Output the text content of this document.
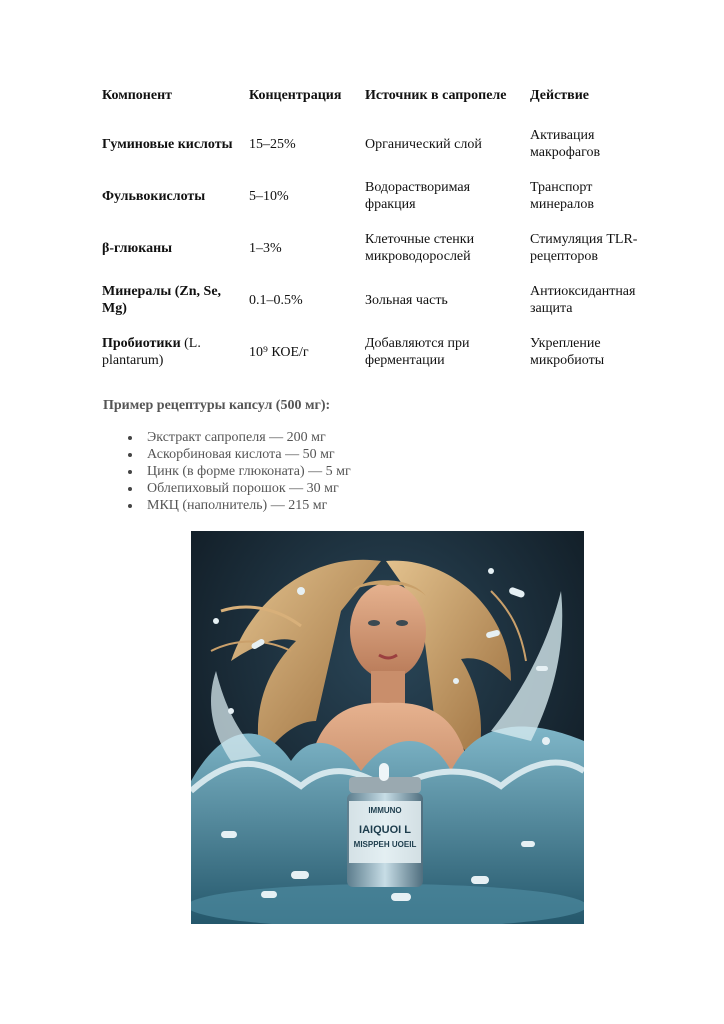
Компонент	Концентрация	Источник в сапропеле	Действие
Гуминовые кислоты	15–25%	Органический слой	Активация макрофагов
Фульвокислоты	5–10%	Водорастворимая фракция	Транспорт минералов
β-глюканы	1–3%	Клеточные стенки микроводорослей	Стимуляция TLR-рецепторов
Минералы (Zn, Se, Mg)	0.1–0.5%	Зольная часть	Антиоксидантная защита
Пробиотики (L. plantarum)	10⁹ КОЕ/г	Добавляются при ферментации	Укрепление микробиоты
Пример рецептуры капсул (500 мг):
Экстракт сапропеля — 200 мг
Аскорбиновая кислота — 50 мг
Цинк (в форме глюконата) — 5 мг
Облепиховый порошок — 30 мг
МКЦ (наполнитель) — 215 мг
IMMUNO
IAIQUOI L
MISPPEH UOEIL
